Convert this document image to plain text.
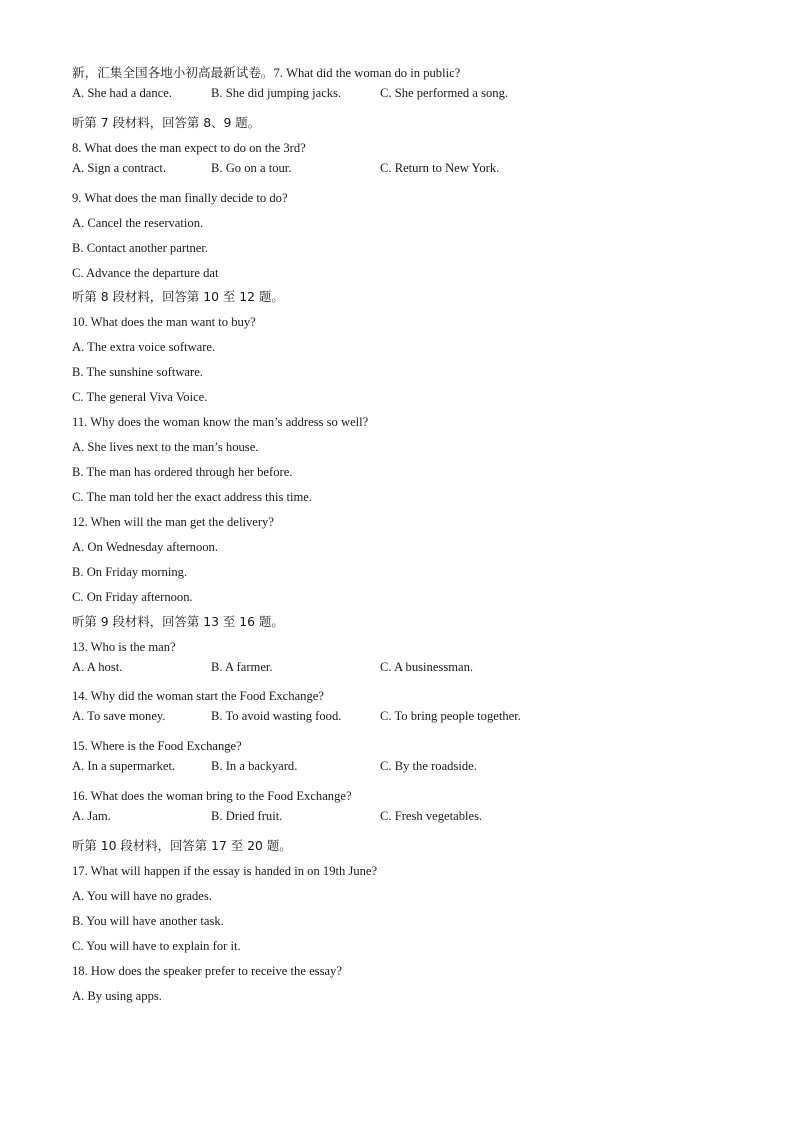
新，汇集全国各地小初高最新试卷。7. What did the woman do in public?
A. She had a dance.	B. She did jumping jacks.	C. She performed a song.
听第 7 段材料，回答第 8、9 题。
8. What does the man expect to do on the 3rd?
A. Sign a contract.	B. Go on a tour.	C. Return to New York.
9. What does the man finally decide to do?
A. Cancel the reservation.
B. Contact another partner.
C. Advance the departure dat
听第 8 段材料，回答第 10 至 12 题。
10. What does the man want to buy?
A. The extra voice software.
B. The sunshine software.
C. The general Viva Voice.
11. Why does the woman know the man’s address so well?
A. She lives next to the man’s house.
B. The man has ordered through her before.
C. The man told her the exact address this time.
12. When will the man get the delivery?
A. On Wednesday afternoon.
B. On Friday morning.
C. On Friday afternoon.
听第 9 段材料，回答第 13 至 16 题。
13. Who is the man?
A. A host.	B. A farmer.	C. A businessman.
14. Why did the woman start the Food Exchange?
A. To save money.	B. To avoid wasting food.	C. To bring people together.
15. Where is the Food Exchange?
A. In a supermarket.	B. In a backyard.	C. By the roadside.
16. What does the woman bring to the Food Exchange?
A. Jam.	B. Dried fruit.	C. Fresh vegetables.
听第 10 段材料，回答第 17 至 20 题。
17. What will happen if the essay is handed in on 19th June?
A. You will have no grades.
B. You will have another task.
C. You will have to explain for it.
18. How does the speaker prefer to receive the essay?
A. By using apps.
